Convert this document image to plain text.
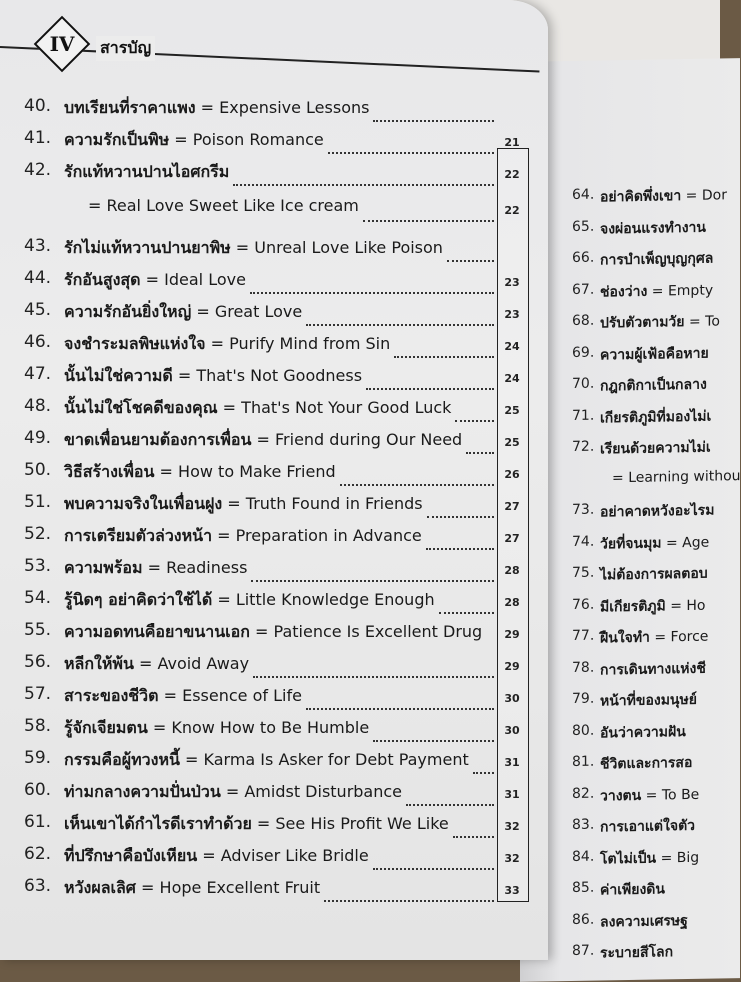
64. อย่าคิดพึ่งเขา = Dor
65. จงผ่อนแรงทำงาน
66. การบำเพ็ญบุญกุศล
67. ช่องว่าง = Empty
68. ปรับตัวตามวัย = To
69. ความผู้เฟ้อคือหาย
70. กฎกติกาเป็นกลาง
71. เกียรติภูมิที่มองไม่เ
72. เรียนด้วยความไม่เ
= Learning withou
73. อย่าคาดหวังอะไรม
74. วัยที่จนมุม = Age
75. ไม่ต้องการผลตอบ
76. มีเกียรติภูมิ = Ho
77. ฝืนใจทำ = Force
78. การเดินทางแห่งชี
79. หน้าที่ของมนุษย์
80. อันว่าความฝัน
81. ชีวิตและการสอ
82. วางตน = To Be
83. การเอาแต่ใจตัว
84. โตไม่เป็น = Big
85. ค่าเพียงดิน
86. ลงความเศรษฐ
87. ระบายสีโลก
IV	สารบัญ
40. บทเรียนที่ราคาแพง = Expensive Lessons
41. ความรักเป็นพิษ = Poison Romance	21
42. รักแท้หวานปานไอศกรีม	22
= Real Love Sweet Like Ice cream	22
43. รักไม่แท้หวานปานยาพิษ = Unreal Love Like Poison
44. รักอันสูงสุด = Ideal Love	23
45. ความรักอันยิ่งใหญ่ = Great Love	23
46. จงชำระมลพิษแห่งใจ = Purify Mind from Sin	24
47. นั้นไม่ใช่ความดี = That's Not Goodness	24
48. นั้นไม่ใช่โชคดีของคุณ = That's Not Your Good Luck	25
49. ขาดเพื่อนยามต้องการเพื่อน = Friend during Our Need	25
50. วิธีสร้างเพื่อน = How to Make Friend	26
51. พบความจริงในเพื่อนฝูง = Truth Found in Friends	27
52. การเตรียมตัวล่วงหน้า = Preparation in Advance	27
53. ความพร้อม = Readiness	28
54. รู้นิดๆ อย่าคิดว่าใช้ได้ = Little Knowledge Enough	28
55. ความอดทนคือยาขนานเอก = Patience Is Excellent Drug	29
56. หลีกให้พ้น = Avoid Away	29
57. สาระของชีวิต = Essence of Life	30
58. รู้จักเจียมตน = Know How to Be Humble	30
59. กรรมคือผู้ทวงหนี้ = Karma Is Asker for Debt Payment	31
60. ท่ามกลางความปั่นป่วน = Amidst Disturbance	31
61. เห็นเขาได้กำไรดีเราทำด้วย = See His Profit We Like	32
62. ที่ปรึกษาคือบังเหียน = Adviser Like Bridle	32
63. หวังผลเลิศ = Hope Excellent Fruit	33
